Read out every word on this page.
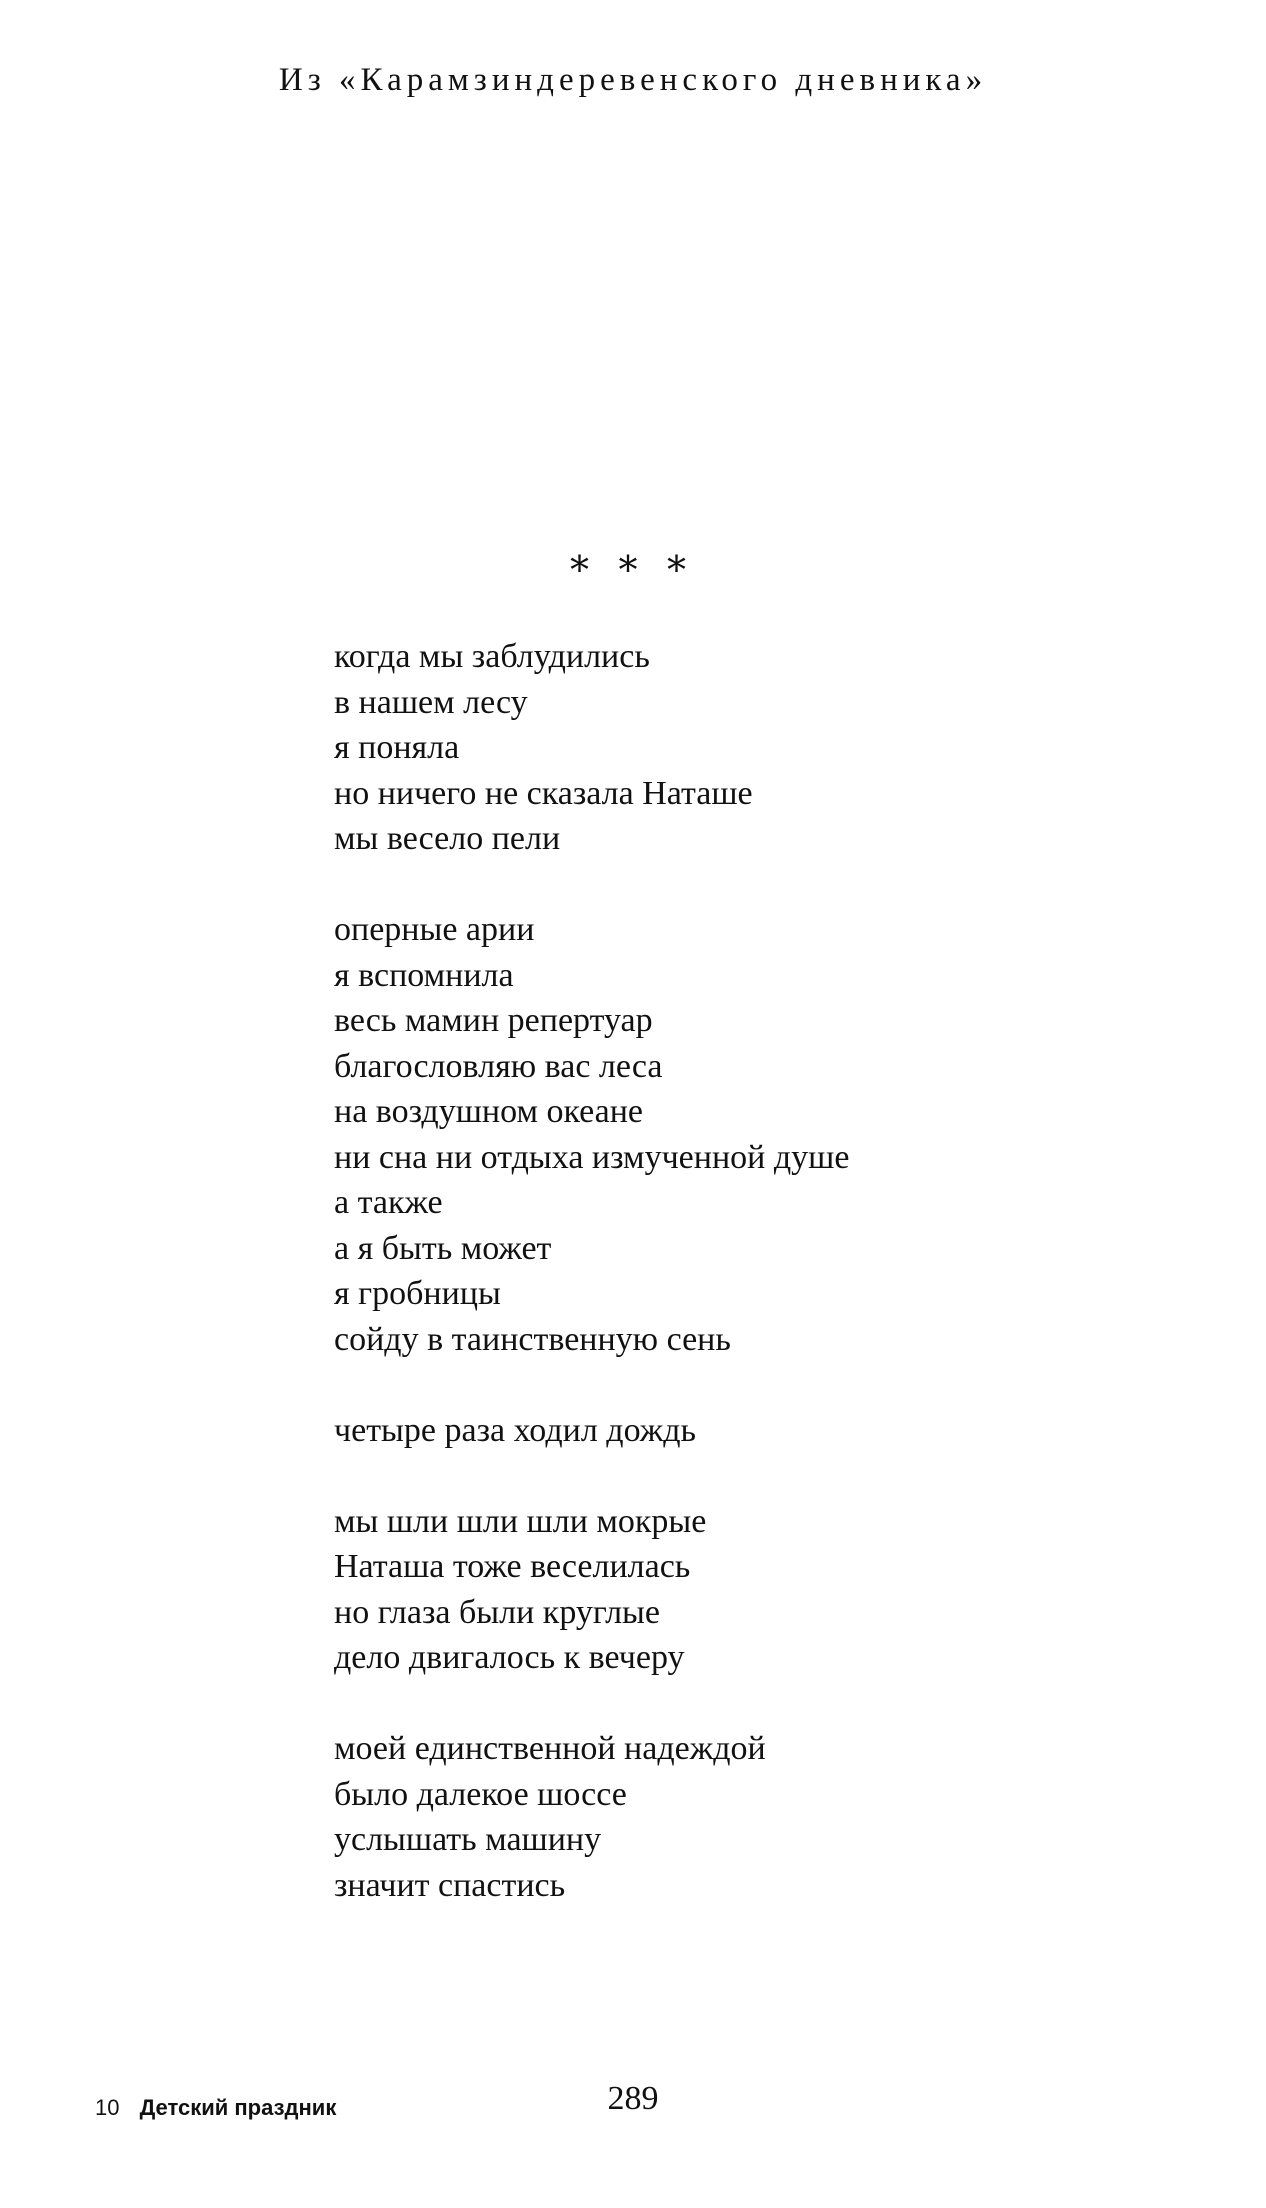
Из «Карамзиндеревенского дневника»
⁎ ⁎ ⁎
когда мы заблудились
в нашем лесу
я поняла
но ничего не сказала Наташе
мы весело пели
оперные арии
я вспомнила
весь мамин репертуар
благословляю вас леса
на воздушном океане
ни сна ни отдыха измученной душе
а также
а я быть может
я гробницы
сойду в таинственную сень
четыре раза ходил дождь
мы шли шли шли мокрые
Наташа тоже веселилась
но глаза были круглые
дело двигалось к вечеру
моей единственной надеждой
было далекое шоссе
услышать машину
значит спастись
10 Детский праздник	289
